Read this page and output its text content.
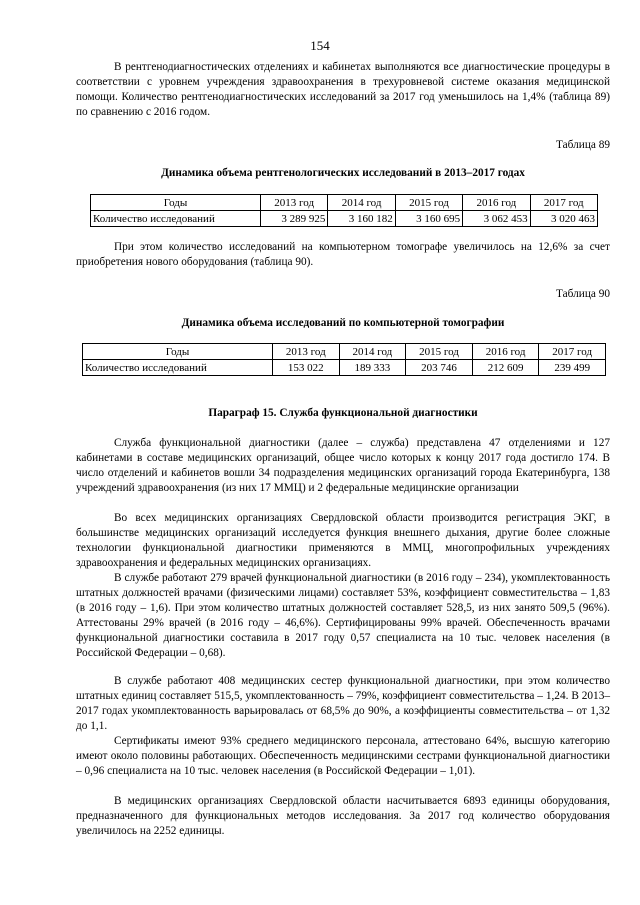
154

В рентгенодиагностических отделениях и кабинетах выполняются все диагностические процедуры в соответствии с уровнем учреждения здравоохранения в трехуровневой системе оказания медицинской помощи. Количество рентгенодиагностических исследований за 2017 год уменьшилось на 1,4% (таблица 89) по сравнению с 2016 годом.

Таблица 89

Динамика объема рентгенологических исследований в 2013–2017 годах

Годы	2013 год	2014 год	2015 год	2016 год	2017 год
Количество исследований	3 289 925	3 160 182	3 160 695	3 062 453	3 020 463

При этом количество исследований на компьютерном томографе увеличилось на 12,6% за счет приобретения нового оборудования (таблица 90).

Таблица 90

Динамика объема исследований по компьютерной томографии

Годы	2013 год	2014 год	2015 год	2016 год	2017 год
Количество исследований	153 022	189 333	203 746	212 609	239 499

Параграф 15. Служба функциональной диагностики

Служба функциональной диагностики (далее – служба) представлена 47 отделениями и 127 кабинетами в составе медицинских организаций, общее число которых к концу 2017 года достигло 174. В число отделений и кабинетов вошли 34 подразделения медицинских организаций города Екатеринбурга, 138 учреждений здравоохранения (из них 17 ММЦ) и 2 федеральные медицинские организации

Во всех медицинских организациях Свердловской области производится регистрация ЭКГ, в большинстве медицинских организаций исследуется функция внешнего дыхания, другие более сложные технологии функциональной диагностики применяются в ММЦ, многопрофильных учреждениях здравоохранения и федеральных медицинских организациях.

В службе работают 279 врачей функциональной диагностики (в 2016 году – 234), укомплектованность штатных должностей врачами (физическими лицами) составляет 53%, коэффициент совместительства – 1,83 (в 2016 году – 1,6). При этом количество штатных должностей составляет 528,5, из них занято 509,5 (96%). Аттестованы 29% врачей (в 2016 году – 46,6%). Сертифицированы 99% врачей. Обеспеченность врачами функциональной диагностики составила в 2017 году 0,57 специалиста на 10 тыс. человек населения (в Российской Федерации – 0,68).

В службе работают 408 медицинских сестер функциональной диагностики, при этом количество штатных единиц составляет 515,5, укомплектованность – 79%, коэффициент совместительства – 1,24. В 2013–2017 годах укомплектованность варьировалась от 68,5% до 90%, а коэффициенты совместительства – от 1,32 до 1,1.

Сертификаты имеют 93% среднего медицинского персонала, аттестовано 64%, высшую категорию имеют около половины работающих. Обеспеченность медицинскими сестрами функциональной диагностики – 0,96 специалиста на 10 тыс. человек населения (в Российской Федерации – 1,01).

В медицинских организациях Свердловской области насчитывается 6893 единицы оборудования, предназначенного для функциональных методов исследования. За 2017 год количество оборудования увеличилось на 2252 единицы.
